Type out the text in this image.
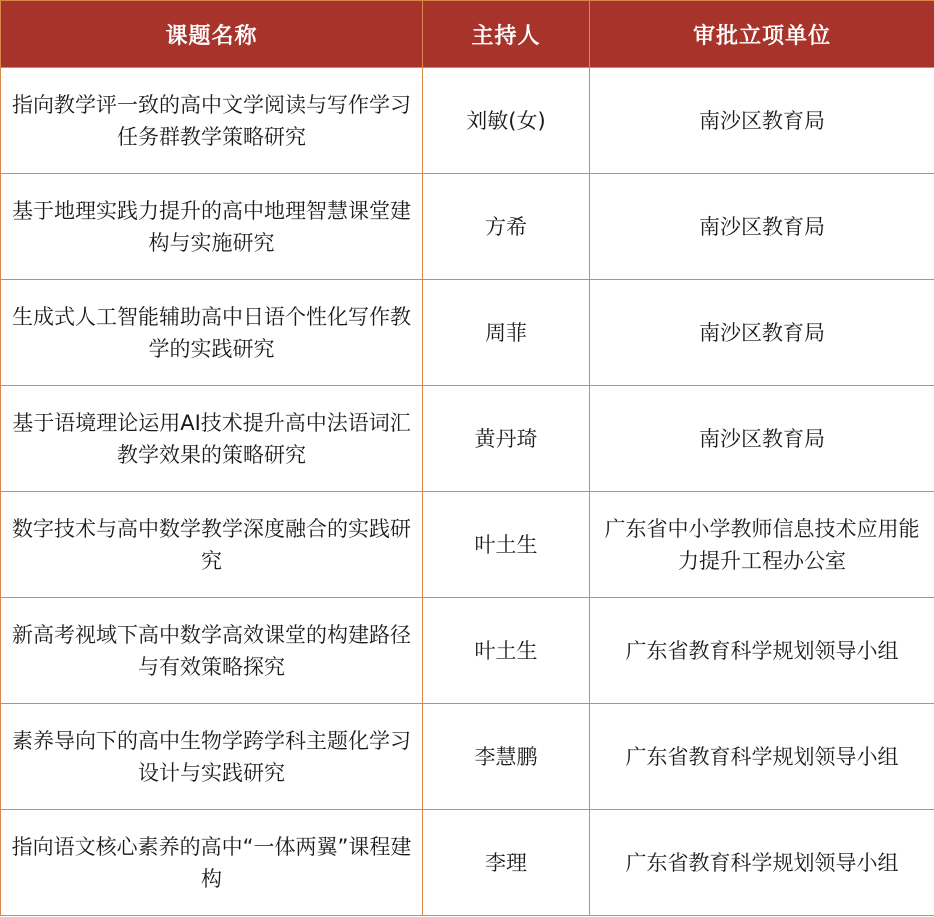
课题名称	主持人	审批立项单位
指向教学评一致的高中文学阅读与写作学习任务群教学策略研究	刘敏(女)	南沙区教育局
基于地理实践力提升的高中地理智慧课堂建构与实施研究	方希	南沙区教育局
生成式人工智能辅助高中日语个性化写作教学的实践研究	周菲	南沙区教育局
基于语境理论运用AI技术提升高中法语词汇教学效果的策略研究	黄丹琦	南沙区教育局
数字技术与高中数学教学深度融合的实践研究	叶土生	广东省中小学教师信息技术应用能力提升工程办公室
新高考视域下高中数学高效课堂的构建路径与有效策略探究	叶土生	广东省教育科学规划领导小组
素养导向下的高中生物学跨学科主题化学习设计与实践研究	李慧鹏	广东省教育科学规划领导小组
指向语文核心素养的高中“一体两翼”课程建构	李理	广东省教育科学规划领导小组
